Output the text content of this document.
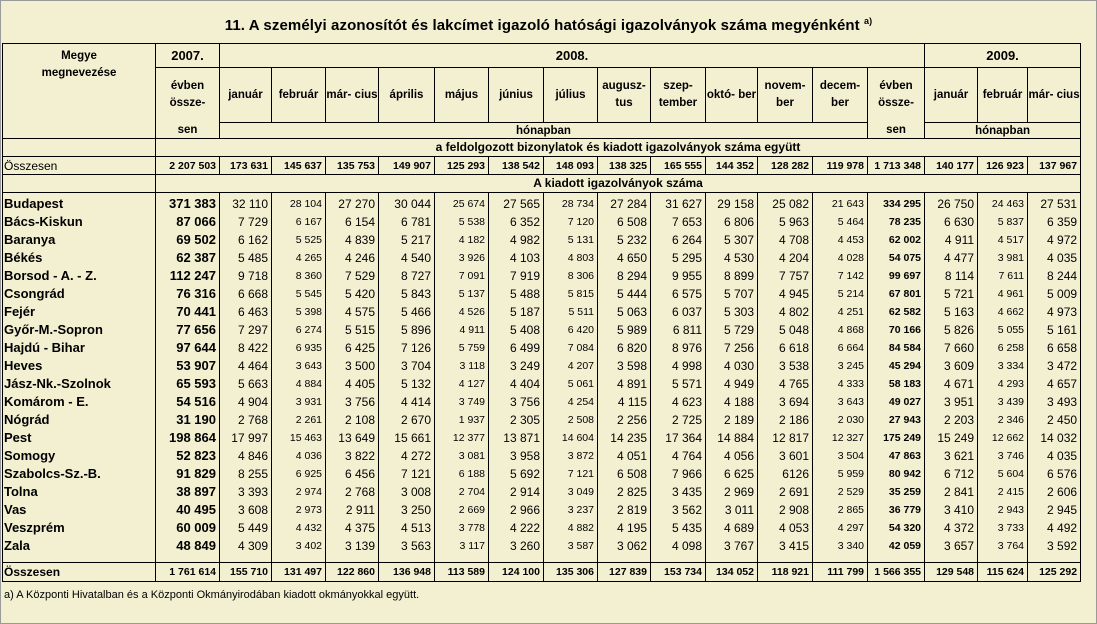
11. A személyi azonosítót és lakcímet igazoló hatósági igazolványok száma megyénként $^{a)}$
Megye
megnevezése	2007.	2008.													2009.		
	évben össze-	január	február	már- cius	április	május	június	július	augusz- tus	szep- tember	októ- ber	novem- ber	decem- ber	évben össze-	január	február	már- cius
	sen	hónapban												sen	hónapban		
	a feldolgozott bizonylatok és kiadott igazolványok száma együtt																
Összesen	2 207 503	173 631	145 637	135 753	149 907	125 293	138 542	148 093	138 325	165 555	144 352	128 282	119 978	1 713 348	140 177	126 923	137 967
	A kiadott igazolványok száma																
Budapest	371 383	32 110	28 104	27 270	30 044	25 674	27 565	28 734	27 284	31 627	29 158	25 082	21 643	334 295	26 750	24 463	27 531
Bács-Kiskun	87 066	7 729	6 167	6 154	6 781	5 538	6 352	7 120	6 508	7 653	6 806	5 963	5 464	78 235	6 630	5 837	6 359
Baranya	69 502	6 162	5 525	4 839	5 217	4 182	4 982	5 131	5 232	6 264	5 307	4 708	4 453	62 002	4 911	4 517	4 972
Békés	62 387	5 485	4 265	4 246	4 540	3 926	4 103	4 803	4 650	5 295	4 530	4 204	4 028	54 075	4 477	3 981	4 035
Borsod - A. - Z.	112 247	9 718	8 360	7 529	8 727	7 091	7 919	8 306	8 294	9 955	8 899	7 757	7 142	99 697	8 114	7 611	8 244
Csongrád	76 316	6 668	5 545	5 420	5 843	5 137	5 488	5 815	5 444	6 575	5 707	4 945	5 214	67 801	5 721	4 961	5 009
Fejér	70 441	6 463	5 398	4 575	5 466	4 526	5 187	5 511	5 063	6 037	5 303	4 802	4 251	62 582	5 163	4 662	4 973
Győr-M.-Sopron	77 656	7 297	6 274	5 515	5 896	4 911	5 408	6 420	5 989	6 811	5 729	5 048	4 868	70 166	5 826	5 055	5 161
Hajdú - Bihar	97 644	8 422	6 935	6 425	7 126	5 759	6 499	7 084	6 820	8 976	7 256	6 618	6 664	84 584	7 660	6 258	6 658
Heves	53 907	4 464	3 643	3 500	3 704	3 118	3 249	4 207	3 598	4 998	4 030	3 538	3 245	45 294	3 609	3 334	3 472
Jász-Nk.-Szolnok	65 593	5 663	4 884	4 405	5 132	4 127	4 404	5 061	4 891	5 571	4 949	4 765	4 333	58 183	4 671	4 293	4 657
Komárom - E.	54 516	4 904	3 931	3 756	4 414	3 749	3 756	4 254	4 115	4 623	4 188	3 694	3 643	49 027	3 951	3 439	3 493
Nógrád	31 190	2 768	2 261	2 108	2 670	1 937	2 305	2 508	2 256	2 725	2 189	2 186	2 030	27 943	2 203	2 346	2 450
Pest	198 864	17 997	15 463	13 649	15 661	12 377	13 871	14 604	14 235	17 364	14 884	12 817	12 327	175 249	15 249	12 662	14 032
Somogy	52 823	4 846	4 036	3 822	4 272	3 081	3 958	3 872	4 051	4 764	4 056	3 601	3 504	47 863	3 621	3 746	4 035
Szabolcs-Sz.-B.	91 829	8 255	6 925	6 456	7 121	6 188	5 692	7 121	6 508	7 966	6 625	6126	5 959	80 942	6 712	5 604	6 576
Tolna	38 897	3 393	2 974	2 768	3 008	2 704	2 914	3 049	2 825	3 435	2 969	2 691	2 529	35 259	2 841	2 415	2 606
Vas	40 495	3 608	2 973	2 911	3 250	2 669	2 966	3 237	2 819	3 562	3 011	2 908	2 865	36 779	3 410	2 943	2 945
Veszprém	60 009	5 449	4 432	4 375	4 513	3 778	4 222	4 882	4 195	5 435	4 689	4 053	4 297	54 320	4 372	3 733	4 492
Zala	48 849	4 309	3 402	3 139	3 563	3 117	3 260	3 587	3 062	4 098	3 767	3 415	3 340	42 059	3 657	3 764	3 592

Összesen	1 761 614	155 710	131 497	122 860	136 948	113 589	124 100	135 306	127 839	153 734	134 052	118 921	111 799	1 566 355	129 548	115 624	125 292
a) A Központi Hivatalban és a Központi Okmányirodában kiadott okmányokkal együtt.
